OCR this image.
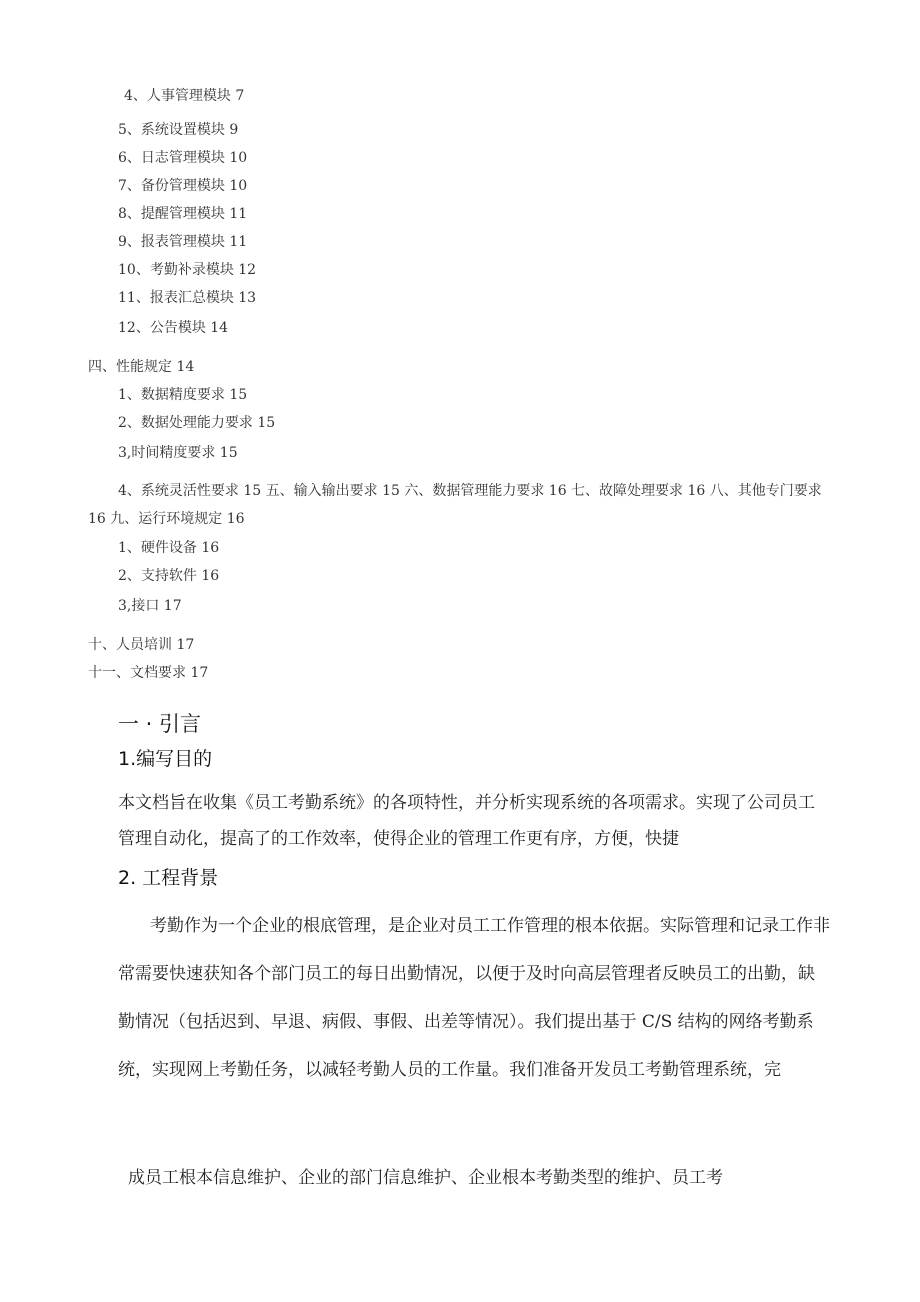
4、人事管理模块 7
5、系统设置模块 9
6、日志管理模块 10
7、备份管理模块 10
8、提醒管理模块 11
9、报表管理模块 11
10、考勤补录模块 12
11、报表汇总模块 13
12、公告模块 14
四、性能规定 14
1、数据精度要求 15
2、数据处理能力要求 15
3,时间精度要求 15
4、系统灵活性要求 15 五、输入输出要求 15 六、数据管理能力要求 16 七、故障处理要求 16 八、其他专门要求 16 九、运行环境规定 16
1、硬件设备 16
2、支持软件 16
3,接口 17
十、人员培训 17
十一、文档要求 17
一 · 引言
1.编写目的
本文档旨在收集《员工考勤系统》的各项特性，并分析实现系统的各项需求。实现了公司员工管理自动化，提高了的工作效率，使得企业的管理工作更有序，方便，快捷
2. 工程背景
考勤作为一个企业的根底管理，是企业对员工工作管理的根本依据。实际管理和记录工作非常需要快速获知各个部门员工的每日出勤情况，以便于及时向高层管理者反映员工的出勤，缺勤情况（包括迟到、早退、病假、事假、出差等情况）。我们提出基于 C/S 结构的网络考勤系统，实现网上考勤任务，以减轻考勤人员的工作量。我们准备开发员工考勤管理系统，完
成员工根本信息维护、企业的部门信息维护、企业根本考勤类型的维护、员工考
